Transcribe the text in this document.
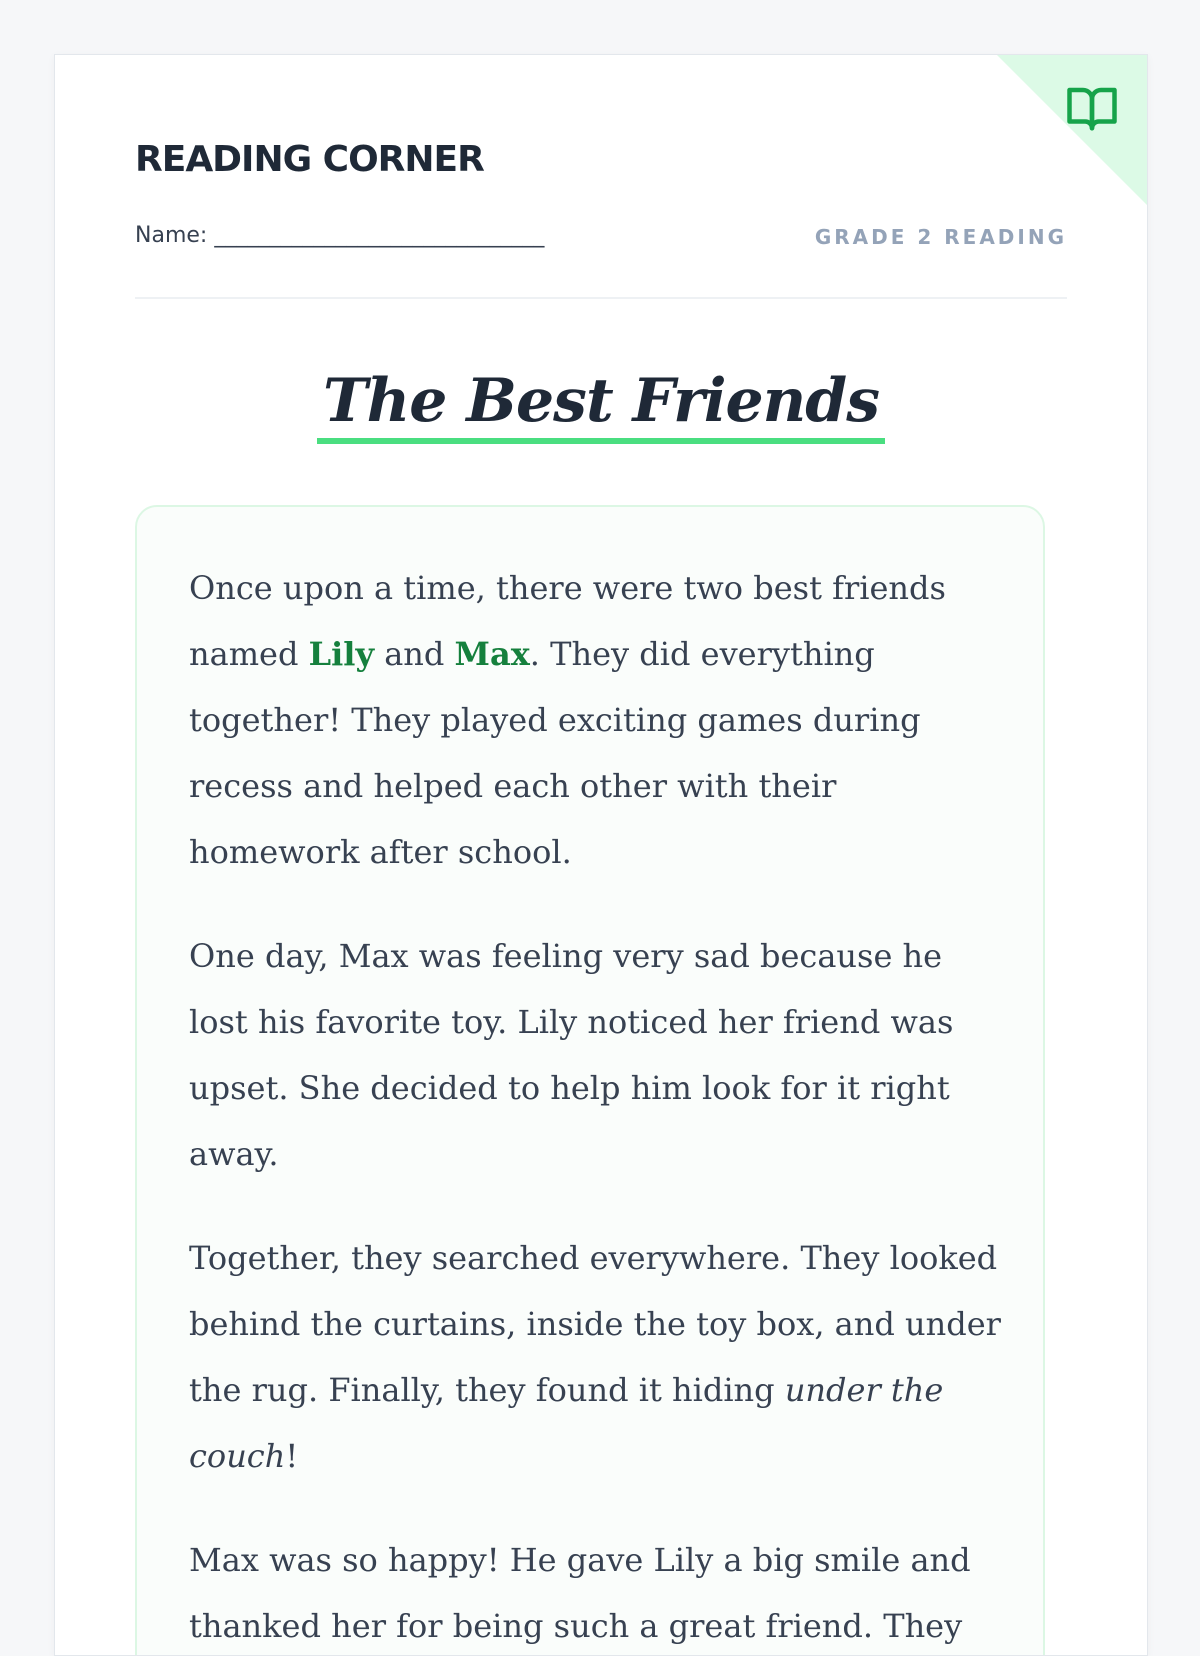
READING CORNER
Name: ______________________________	GRADE 2 READING
The Best Friends

Once upon a time, there were two best friends named Lily and Max. They did everything together! They played exciting games during recess and helped each other with their homework after school.

One day, Max was feeling very sad because he lost his favorite toy. Lily noticed her friend was upset. She decided to help him look for it right away.

Together, they searched everywhere. They looked behind the curtains, inside the toy box, and under the rug. Finally, they found it hiding under the couch!

Max was so happy! He gave Lily a big smile and thanked her for being such a great friend. They
